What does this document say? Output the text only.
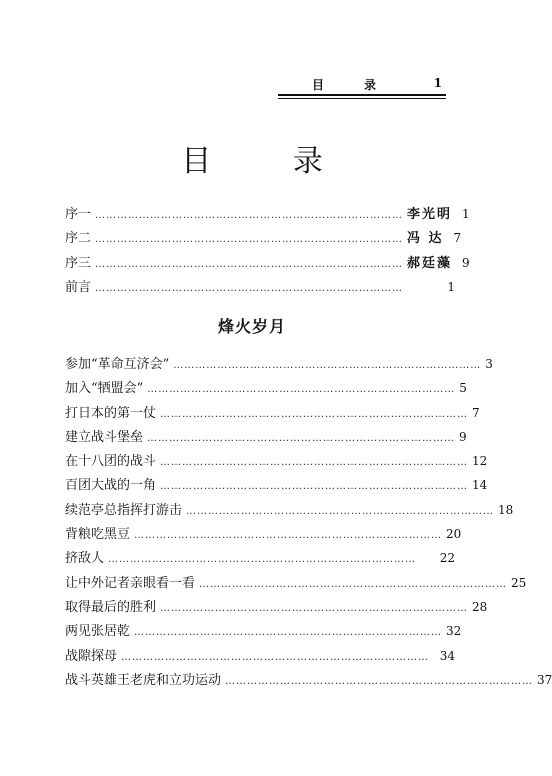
目	录	1
目 录
序一 ………………………………………………………………………… 李光明 1
序二 ………………………………………………………………………… 冯 达 7
序三 ………………………………………………………………………… 郝廷藻 9
前言 …………………………………………………………………………	1
烽火岁月
参加“革命互济会” ………………………………………………………………………… 3
加入“牺盟会” ………………………………………………………………………… 5
打日本的第一仗 ………………………………………………………………………… 7
建立战斗堡垒 ………………………………………………………………………… 9
在十八团的战斗 ………………………………………………………………………… 12
百团大战的一角 ………………………………………………………………………… 14
续范亭总指挥打游击 ………………………………………………………………………… 18
背粮吃黑豆 ………………………………………………………………………… 20
挤敌人 …………………………………………………………………………	22
让中外记者亲眼看一看 ………………………………………………………………………… 25
取得最后的胜利 ………………………………………………………………………… 28
两见张居乾 ………………………………………………………………………… 32
战隙探母 ………………………………………………………………………… 34
战斗英雄王老虎和立功运动 ………………………………………………………………………… 37
